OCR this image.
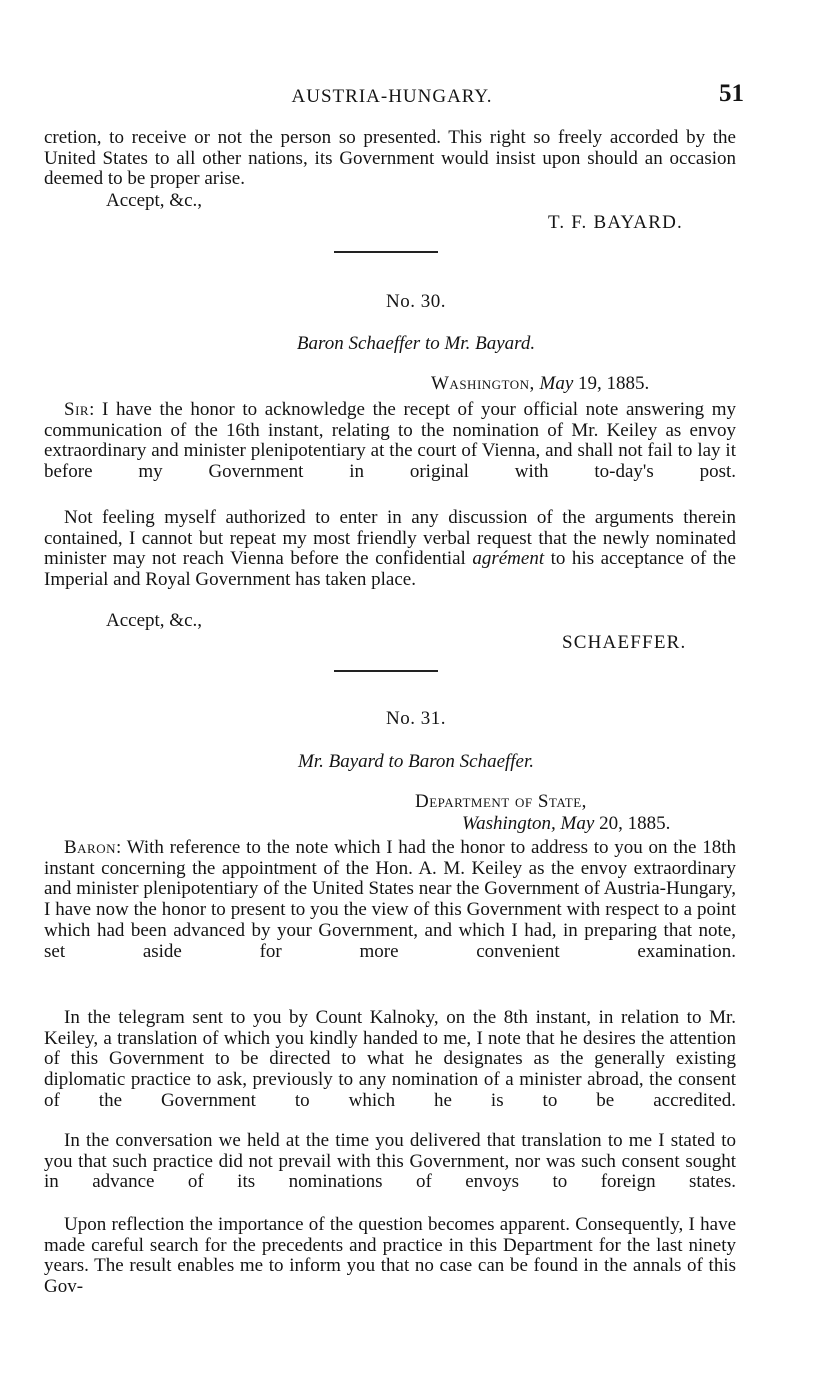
AUSTRIA-HUNGARY.	51
cretion, to receive or not the person so presented. This right so freely accorded by the United States to all other nations, its Government would insist upon should an occasion deemed to be proper arise.
Accept, &c.,
T. F. BAYARD.
No. 30.
Baron Schaeffer to Mr. Bayard.
Washington, May 19, 1885.
Sir: I have the honor to acknowledge the recept of your official note answering my communication of the 16th instant, relating to the nomination of Mr. Keiley as envoy extraordinary and minister plenipotentiary at the court of Vienna, and shall not fail to lay it before my Government in original with to-day's post.
Not feeling myself authorized to enter in any discussion of the arguments therein contained, I cannot but repeat my most friendly verbal request that the newly nominated minister may not reach Vienna before the confidential agrément to his acceptance of the Imperial and Royal Government has taken place.
Accept, &c.,
SCHAEFFER.
No. 31.
Mr. Bayard to Baron Schaeffer.
Department of State,
Washington, May 20, 1885.
Baron: With reference to the note which I had the honor to address to you on the 18th instant concerning the appointment of the Hon. A. M. Keiley as the envoy extraordinary and minister plenipotentiary of the United States near the Government of Austria-Hungary, I have now the honor to present to you the view of this Government with respect to a point which had been advanced by your Government, and which I had, in preparing that note, set aside for more convenient examination.
In the telegram sent to you by Count Kalnoky, on the 8th instant, in relation to Mr. Keiley, a translation of which you kindly handed to me, I note that he desires the attention of this Government to be directed to what he designates as the generally existing diplomatic practice to ask, previously to any nomination of a minister abroad, the consent of the Government to which he is to be accredited.
In the conversation we held at the time you delivered that translation to me I stated to you that such practice did not prevail with this Government, nor was such consent sought in advance of its nominations of envoys to foreign states.
Upon reflection the importance of the question becomes apparent. Consequently, I have made careful search for the precedents and practice in this Department for the last ninety years. The result enables me to inform you that no case can be found in the annals of this Gov-
